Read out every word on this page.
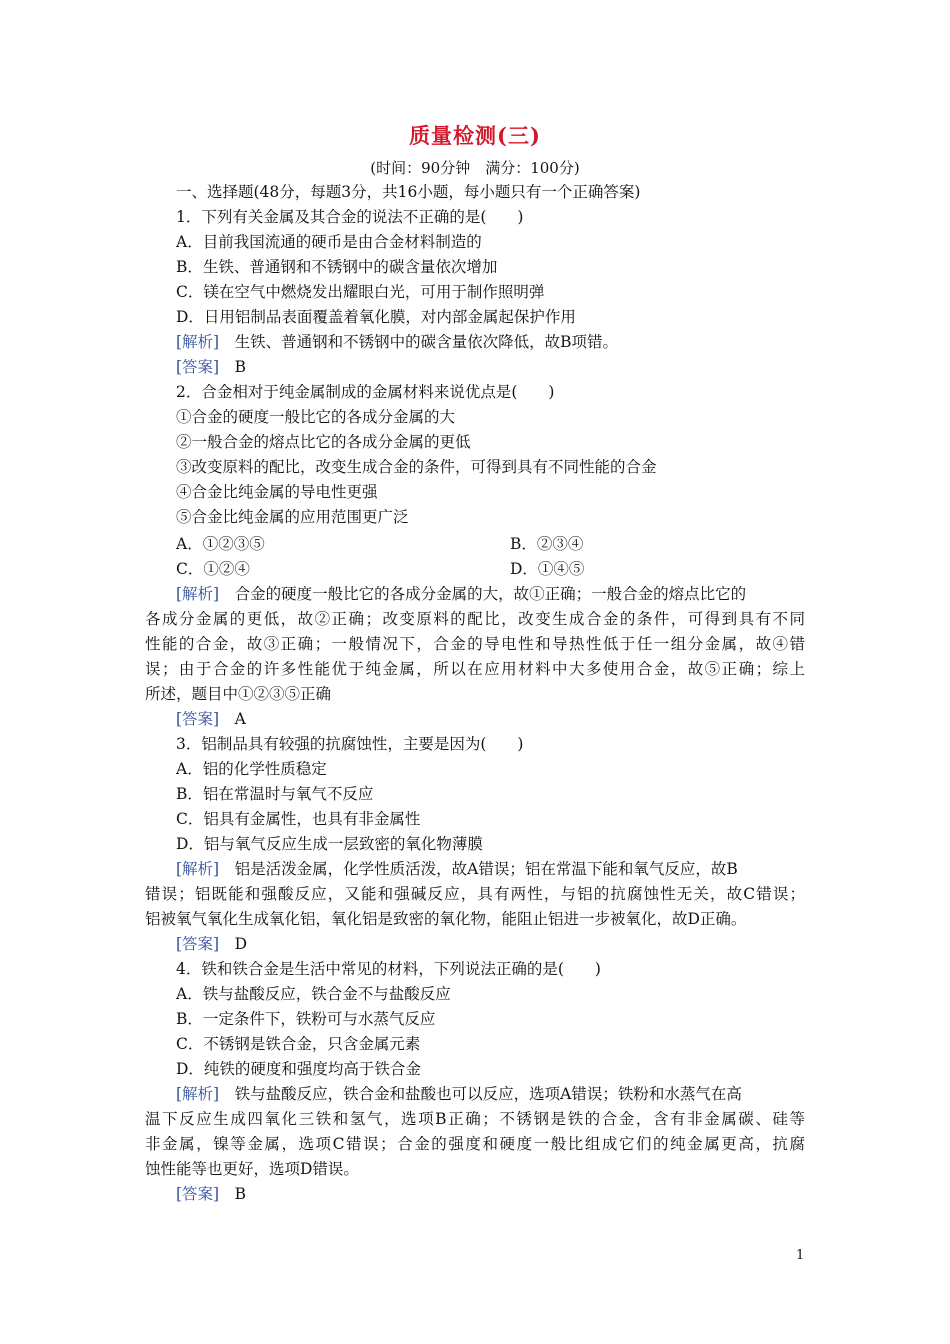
质量检测(三)
(时间：90分钟　满分：100分)
一、选择题(48分，每题3分，共16小题，每小题只有一个正确答案)
1．下列有关金属及其合金的说法不正确的是(　　)
A．目前我国流通的硬币是由合金材料制造的
B．生铁、普通钢和不锈钢中的碳含量依次增加
C．镁在空气中燃烧发出耀眼白光，可用于制作照明弹
D．日用铝制品表面覆盖着氧化膜，对内部金属起保护作用
[解析]　 生铁、普通钢和不锈钢中的碳含量依次降低，故B项错。
[答案]　 B
2．合金相对于纯金属制成的金属材料来说优点是(　　)
①合金的硬度一般比它的各成分金属的大
②一般合金的熔点比它的各成分金属的更低
③改变原料的配比，改变生成合金的条件，可得到具有不同性能的合金
④合金比纯金属的导电性更强
⑤合金比纯金属的应用范围更广泛
A．①②③⑤	B．②③④
C．①②④	D．①④⑤
[解析]　 合金的硬度一般比它的各成分金属的大，故①正确；一般合金的熔点比它的
各成分金属的更低，故②正确；改变原料的配比，改变生成合金的条件，可得到具有不同
性能的合金，故③正确；一般情况下，合金的导电性和导热性低于任一组分金属，故④错
误；由于合金的许多性能优于纯金属，所以在应用材料中大多使用合金，故⑤正确；综上
所述，题目中①②③⑤正确
[答案]　 A
3．铝制品具有较强的抗腐蚀性，主要是因为(　　)
A．铝的化学性质稳定
B．铝在常温时与氧气不反应
C．铝具有金属性，也具有非金属性
D．铝与氧气反应生成一层致密的氧化物薄膜
[解析]　 铝是活泼金属，化学性质活泼，故A错误；铝在常温下能和氧气反应，故B
错误；铝既能和强酸反应，又能和强碱反应，具有两性，与铝的抗腐蚀性无关，故C错误；
铝被氧气氧化生成氧化铝，氧化铝是致密的氧化物，能阻止铝进一步被氧化，故D正确。
[答案]　 D
4．铁和铁合金是生活中常见的材料，下列说法正确的是(　　)
A．铁与盐酸反应，铁合金不与盐酸反应
B．一定条件下，铁粉可与水蒸气反应
C．不锈钢是铁合金，只含金属元素
D．纯铁的硬度和强度均高于铁合金
[解析]　 铁与盐酸反应，铁合金和盐酸也可以反应，选项A错误；铁粉和水蒸气在高
温下反应生成四氧化三铁和氢气，选项B正确；不锈钢是铁的合金，含有非金属碳、硅等
非金属，镍等金属，选项C错误；合金的强度和硬度一般比组成它们的纯金属更高，抗腐
蚀性能等也更好，选项D错误。
[答案]　 B
1
